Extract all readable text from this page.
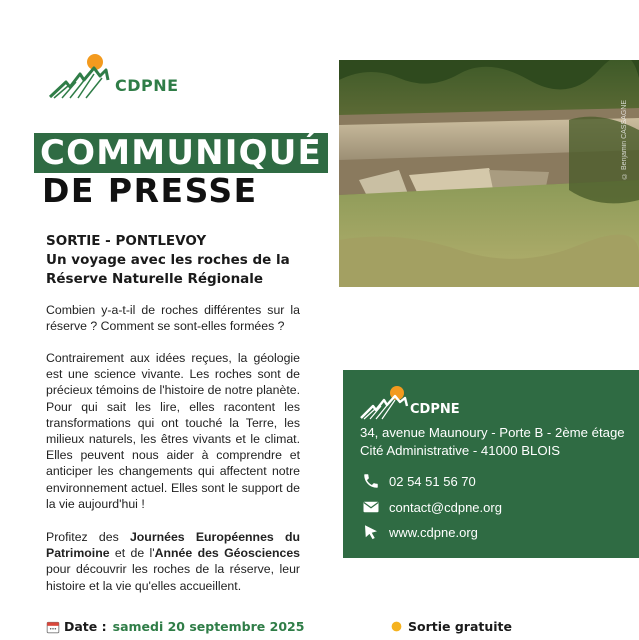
CDPNE
© Benjamin CASSAGNE
COMMUNIQUÉ
DE PRESSE
SORTIE - PONTLEVOY
Un voyage avec les roches de la
Réserve Naturelle Régionale
Combien y-a-t-il de roches différentes sur la réserve ? Comment se sont-elles formées ?
Contrairement aux idées reçues, la géologie est une science vivante. Les roches sont de précieux témoins de l'histoire de notre planète. Pour qui sait les lire, elles racontent les transformations qui ont touché la Terre, les milieux naturels, les êtres vivants et le climat. Elles peuvent nous aider à comprendre et anticiper les changements qui affectent notre environnement actuel. Elles sont le support de la vie aujourd'hui !
Profitez des Journées Européennes du Patrimoine et de l'Année des Géosciences pour découvrir les roches de la réserve, leur histoire et la vie qu'elles accueillent.
CDPNE
34, avenue Maunoury - Porte B - 2ème étage
Cité Administrative - 41000 BLOIS
02 54 51 56 70
contact@cdpne.org
www.cdpne.org
Date : samedi 20 septembre 2025	Sortie gratuite
